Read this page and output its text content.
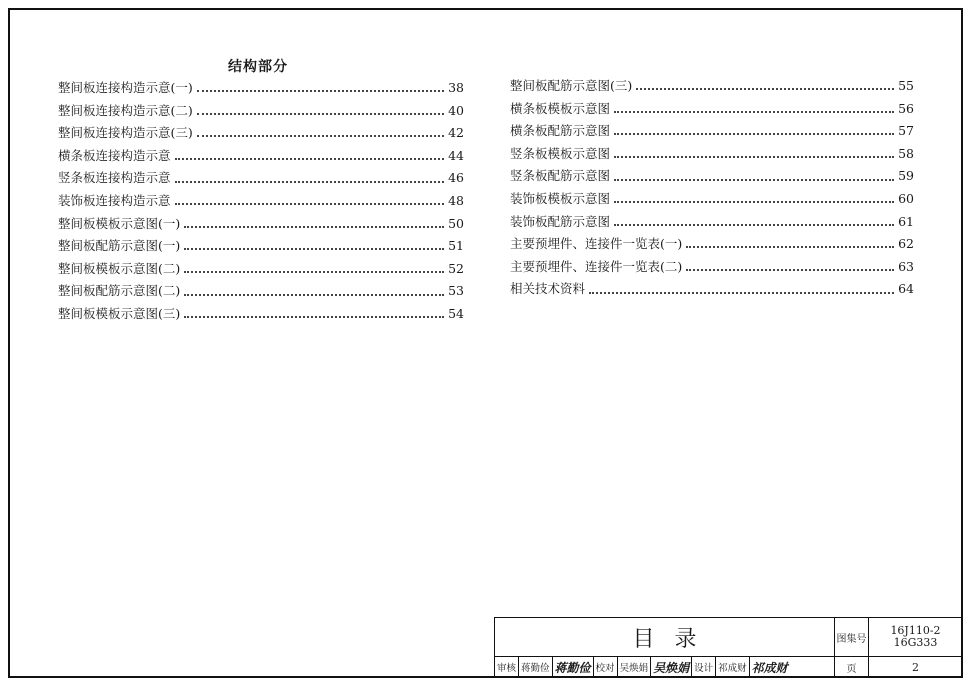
结构部分
整间板连接构造示意(一)	38
整间板连接构造示意(二)	40
整间板连接构造示意(三)	42
横条板连接构造示意	44
竖条板连接构造示意	46
装饰板连接构造示意	48
整间板模板示意图(一)	50
整间板配筋示意图(一)	51
整间板模板示意图(二)	52
整间板配筋示意图(二)	53
整间板模板示意图(三)	54
整间板配筋示意图(三)	55
横条板模板示意图	56
横条板配筋示意图	57
竖条板模板示意图	58
竖条板配筋示意图	59
装饰板模板示意图	60
装饰板配筋示意图	61
主要预埋件、连接件一览表(一)	62
主要预埋件、连接件一览表(二)	63
相关技术资料	64
目录	图集号
16J110-2
16G333
审核 蒋勤俭 蒋勤俭 校对 吴焕娟 吴焕娟 设计 祁成财 祁成财	页	2
